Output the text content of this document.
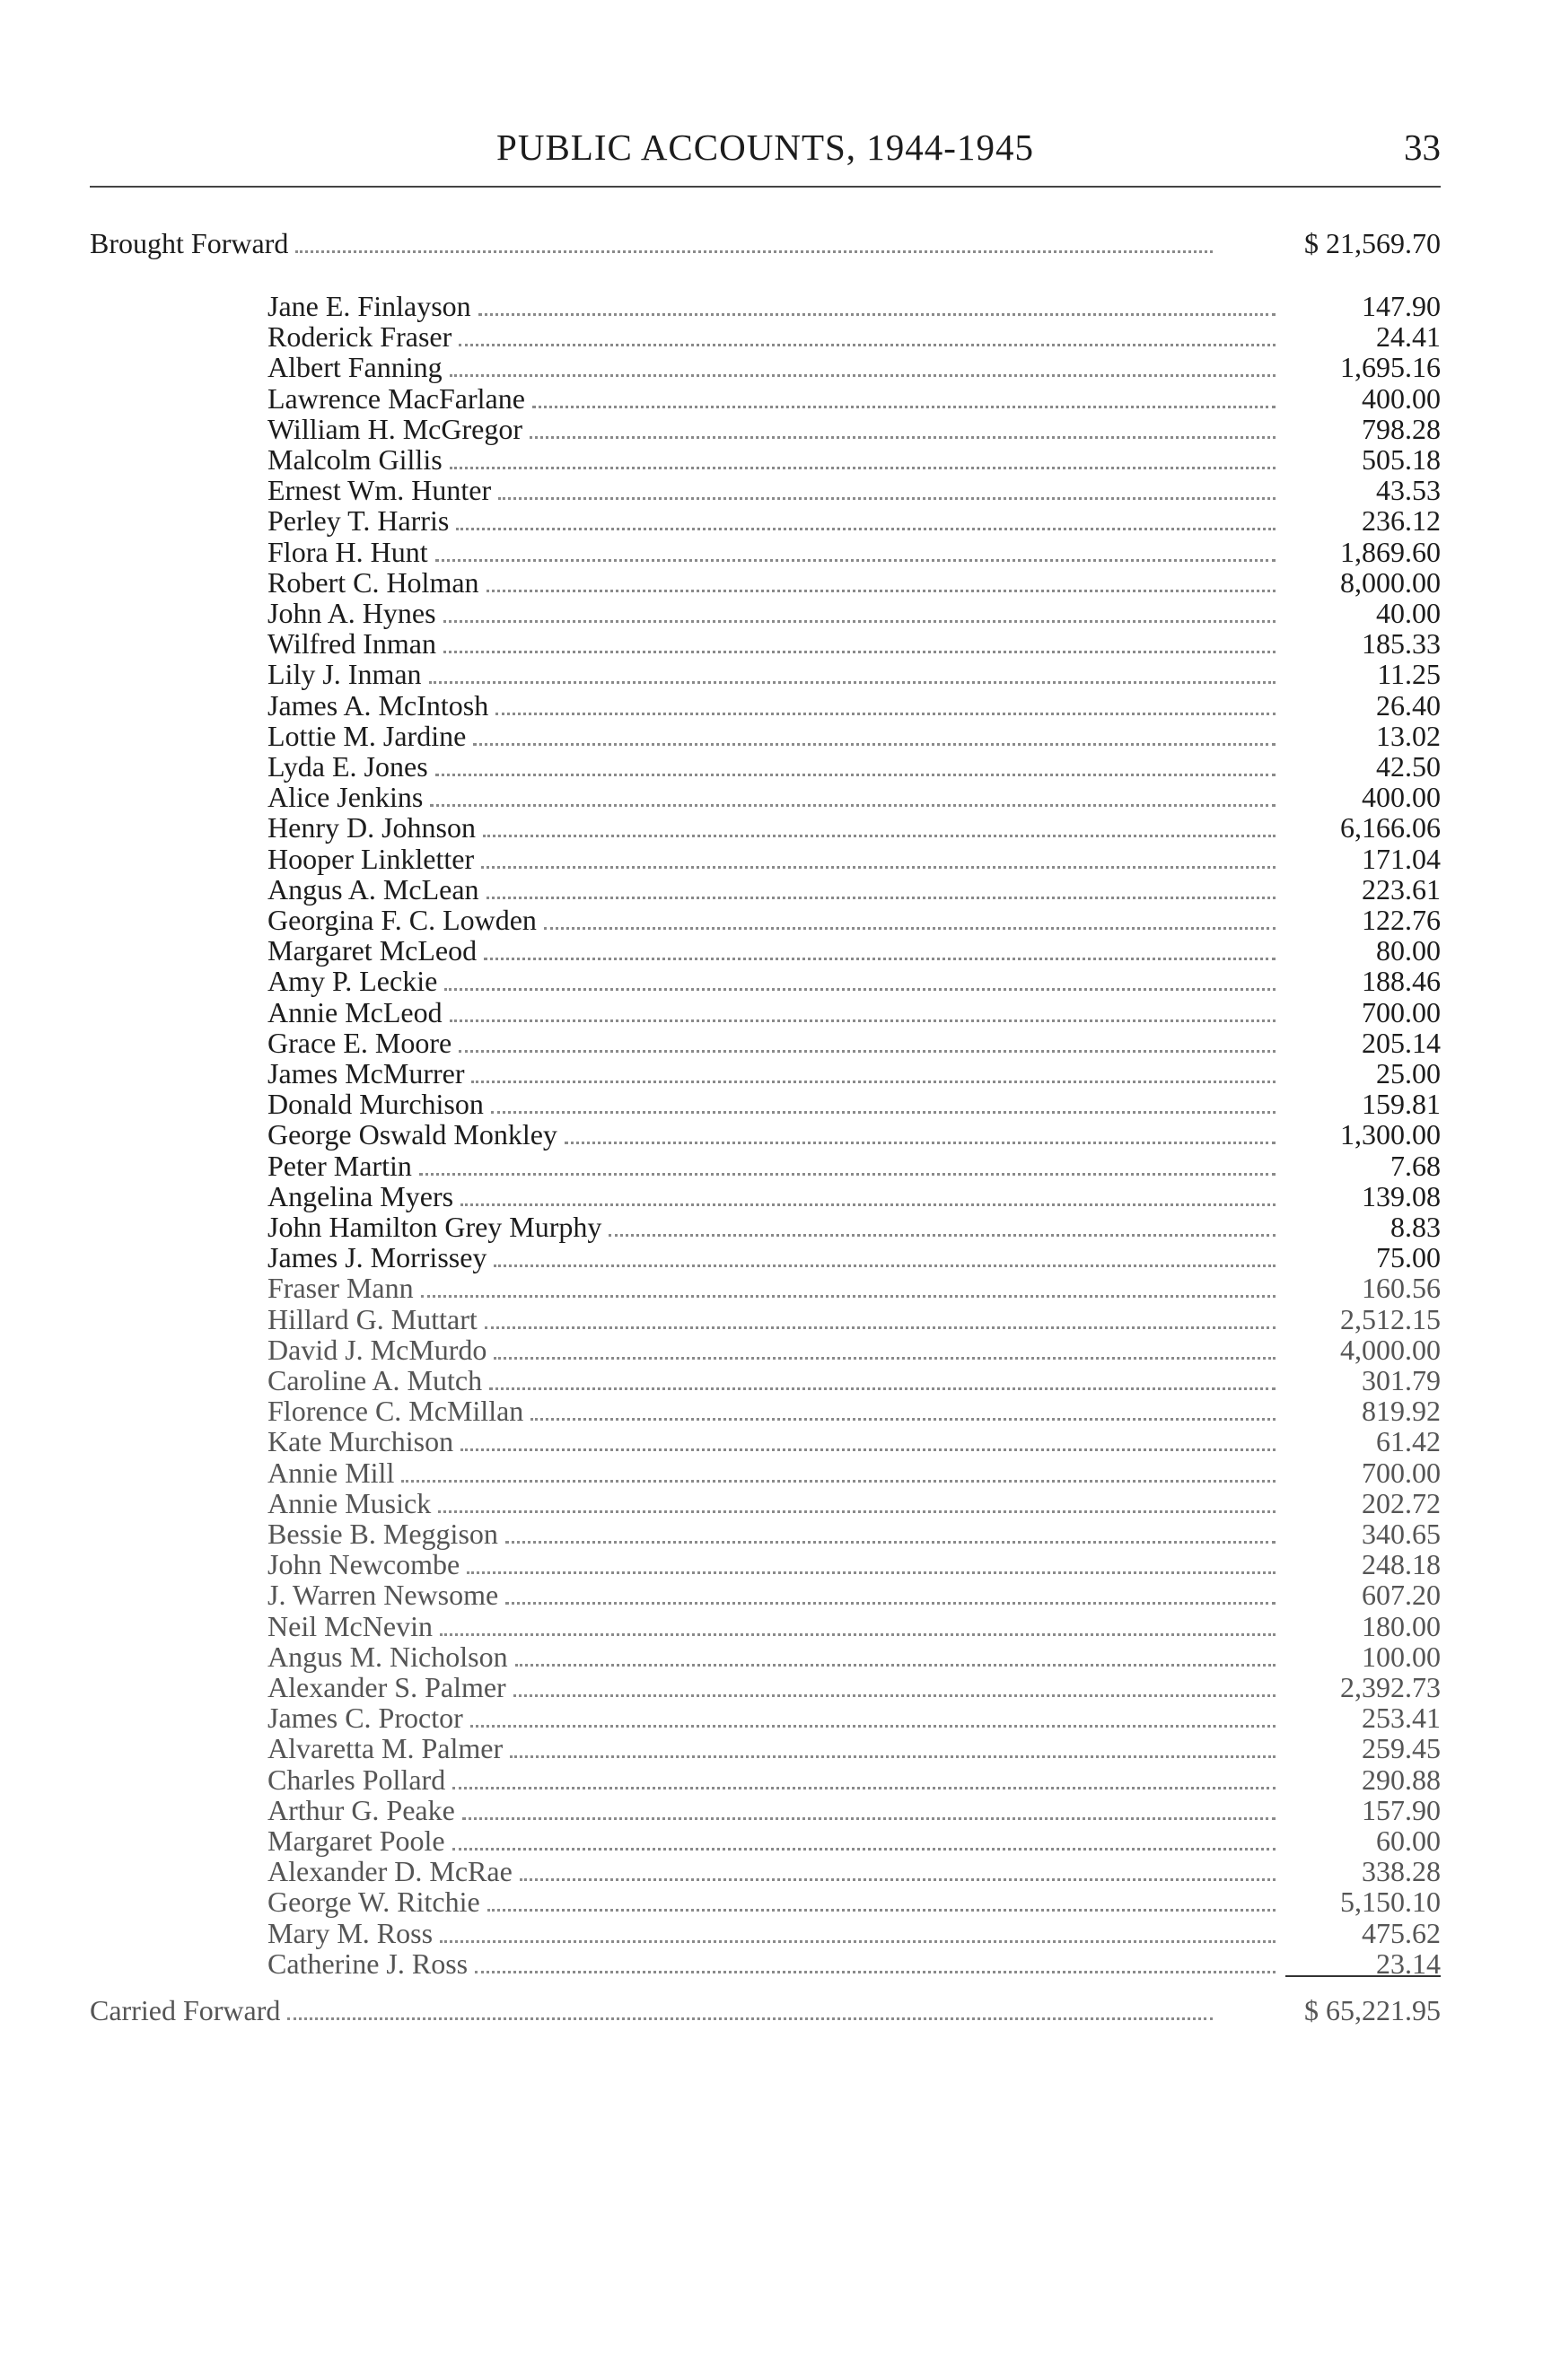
PUBLIC ACCOUNTS, 1944-1945	33
Brought Forward	$ 21,569.70
Jane E. Finlayson	147.90
Roderick Fraser	24.41
Albert Fanning	1,695.16
Lawrence MacFarlane	400.00
William H. McGregor	798.28
Malcolm Gillis	505.18
Ernest Wm. Hunter	43.53
Perley T. Harris	236.12
Flora H. Hunt	1,869.60
Robert C. Holman	8,000.00
John A. Hynes	40.00
Wilfred Inman	185.33
Lily J. Inman	11.25
James A. McIntosh	26.40
Lottie M. Jardine	13.02
Lyda E. Jones	42.50
Alice Jenkins	400.00
Henry D. Johnson	6,166.06
Hooper Linkletter	171.04
Angus A. McLean	223.61
Georgina F. C. Lowden	122.76
Margaret McLeod	80.00
Amy P. Leckie	188.46
Annie McLeod	700.00
Grace E. Moore	205.14
James McMurrer	25.00
Donald Murchison	159.81
George Oswald Monkley	1,300.00
Peter Martin	7.68
Angelina Myers	139.08
John Hamilton Grey Murphy	8.83
James J. Morrissey	75.00
Fraser Mann	160.56
Hillard G. Muttart	2,512.15
David J. McMurdo	4,000.00
Caroline A. Mutch	301.79
Florence C. McMillan	819.92
Kate Murchison	61.42
Annie Mill	700.00
Annie Musick	202.72
Bessie B. Meggison	340.65
John Newcombe	248.18
J. Warren Newsome	607.20
Neil McNevin	180.00
Angus M. Nicholson	100.00
Alexander S. Palmer	2,392.73
James C. Proctor	253.41
Alvaretta M. Palmer	259.45
Charles Pollard	290.88
Arthur G. Peake	157.90
Margaret Poole	60.00
Alexander D. McRae	338.28
George W. Ritchie	5,150.10
Mary M. Ross	475.62
Catherine J. Ross	23.14
Carried Forward	$ 65,221.95
